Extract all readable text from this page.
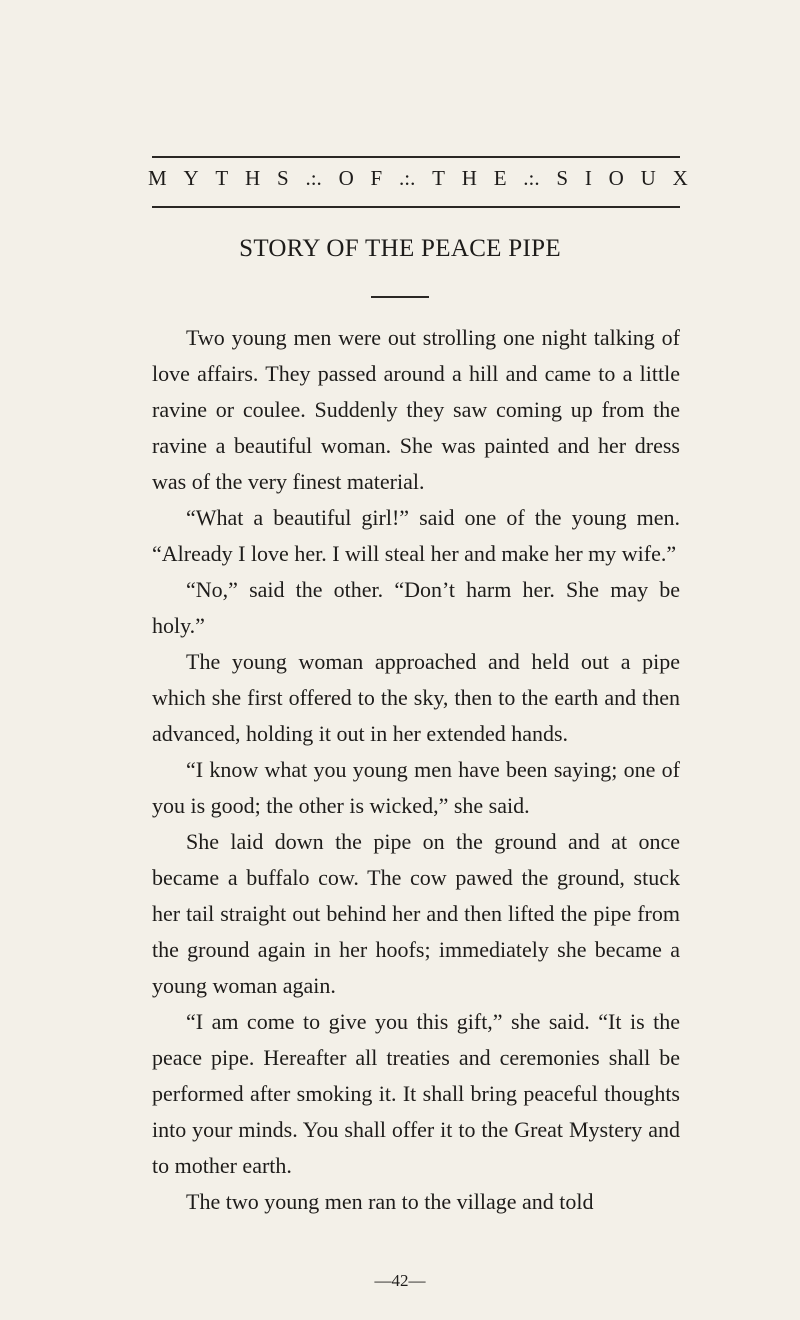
M Y T H S .:. O F .:. T H E .:. S I O U X
STORY OF THE PEACE PIPE

Two young men were out strolling one night talking of love affairs. They passed around a hill and came to a little ravine or coulee. Suddenly they saw coming up from the ravine a beautiful woman. She was painted and her dress was of the very finest material.

“What a beautiful girl!” said one of the young men. “Already I love her. I will steal her and make her my wife.”

“No,” said the other. “Don’t harm her. She may be holy.”

The young woman approached and held out a pipe which she first offered to the sky, then to the earth and then advanced, holding it out in her extended hands.

“I know what you young men have been saying; one of you is good; the other is wicked,” she said.

She laid down the pipe on the ground and at once became a buffalo cow. The cow pawed the ground, stuck her tail straight out behind her and then lifted the pipe from the ground again in her hoofs; immediately she became a young woman again.

“I am come to give you this gift,” she said. “It is the peace pipe. Hereafter all treaties and ceremonies shall be performed after smoking it. It shall bring peaceful thoughts into your minds. You shall offer it to the Great Mystery and to mother earth.

The two young men ran to the village and told

—42—
